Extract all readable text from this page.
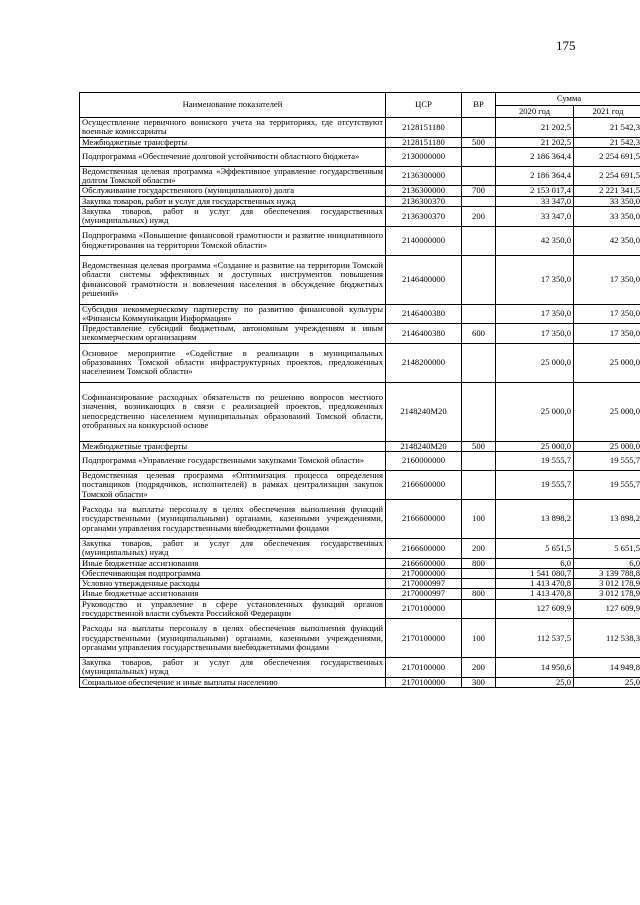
175
Наименование показателей	ЦСР	ВР	Сумма	
			2020 год	2021 год
Осуществление первичного воинского учета на территориях, где отсутствуют военные комиссариаты	2128151180		21 202,5	21 542,3
Межбюджетные трансферты	2128151180	500	21 202,5	21 542,3
Подпрограмма «Обеспечение долговой устойчивости областного бюджета»	2130000000		2 186 364,4	2 254 691,5
Ведомственная целевая программа «Эффективное управление государственным долгом Томской области»	2136300000		2 186 364,4	2 254 691,5
Обслуживание государственного (муниципального) долга	2136300000	700	2 153 017,4	2 221 341,5
Закупка товаров, работ и услуг для государственных нужд	2136300370		33 347,0	33 350,0
Закупка товаров, работ и услуг для обеспечения государственных (муниципальных) нужд	2136300370	200	33 347,0	33 350,0
Подпрограмма «Повышение финансовой грамотности и развитие инициативного бюджетирования на территории Томской области»	2140000000		42 350,0	42 350,0
Ведомственная целевая программа «Создание и развитие на территории Томской области системы эффективных и доступных инструментов повышения финансовой грамотности и вовлечения населения в обсуждение бюджетных решений»	2146400000		17 350,0	17 350,0
Субсидия некоммерческому партнерству по развитию финансовой культуры «Финансы Коммуникации Информация»	2146400380		17 350,0	17 350,0
Предоставление субсидий бюджетным, автономным учреждениям и иным некоммерческим организациям	2146400380	600	17 350,0	17 350,0
Основное мероприятие «Содействие в реализации в муниципальных образованиях Томской области инфраструктурных проектов, предложенных населением Томской области»	2148200000		25 000,0	25 000,0
Софинансирование расходных обязательств по решению вопросов местного значения, возникающих в связи с реализацией проектов, предложенных непосредственно населением муниципальных образований Томской области, отобранных на конкурсной основе	2148240M20		25 000,0	25 000,0
Межбюджетные трансферты	2148240M20	500	25 000,0	25 000,0
Подпрограмма «Управление государственными закупками Томской области»	2160000000		19 555,7	19 555,7
Ведомственная целевая программа «Оптимизация процесса определения поставщиков (подрядчиков, исполнителей) в рамках централизации закупок Томской области»	2166600000		19 555,7	19 555,7
Расходы на выплаты персоналу в целях обеспечения выполнения функций государственными (муниципальными) органами, казенными учреждениями, органами управления государственными внебюджетными фондами	2166600000	100	13 898,2	13 898,2
Закупка товаров, работ и услуг для обеспечения государственных (муниципальных) нужд	2166600000	200	5 651,5	5 651,5
Иные бюджетные ассигнования	2166600000	800	6,0	6,0
Обеспечивающая подпрограмма	2170000000		1 541 080,7	3 139 788,8
Условно утвержденные расходы	2170000997		1 413 470,8	3 012 178,9
Иные бюджетные ассигнования	2170000997	800	1 413 470,8	3 012 178,9
Руководство и управление в сфере установленных функций органов государственной власти субъекта Российской Федерации	2170100000		127 609,9	127 609,9
Расходы на выплаты персоналу в целях обеспечения выполнения функций государственными (муниципальными) органами, казенными учреждениями, органами управления государственными внебюджетными фондами	2170100000	100	112 537,5	112 538,3
Закупка товаров, работ и услуг для обеспечения государственных (муниципальных) нужд	2170100000	200	14 950,6	14 949,8
Социальное обеспечение и иные выплаты населению	2170100000	300	25,0	25,0
